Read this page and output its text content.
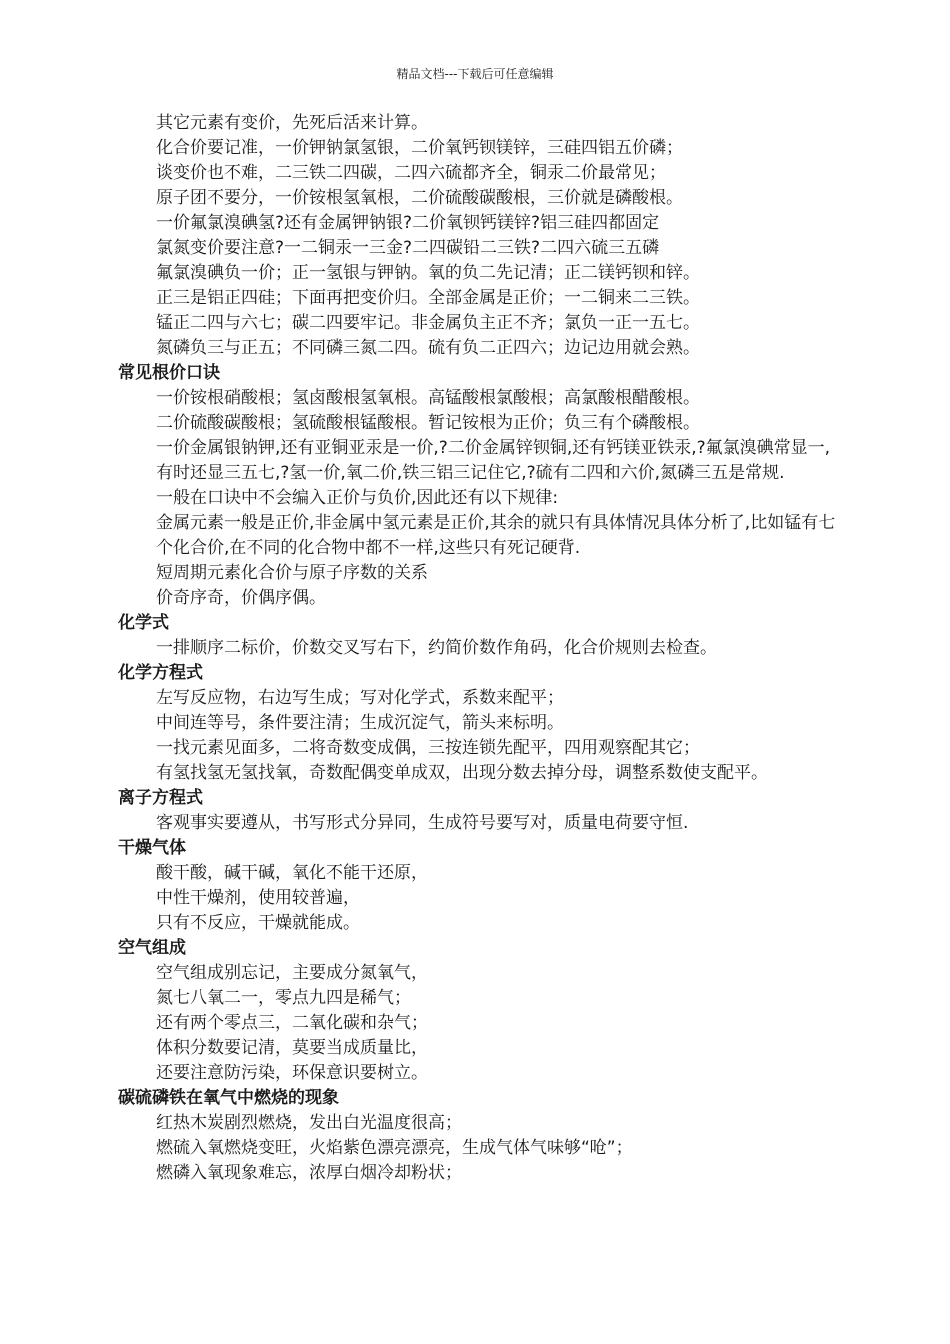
精品文档---下载后可任意编辑
其它元素有变价，先死后活来计算。
化合价要记准，一价钾钠氯氢银，二价氧钙钡镁锌，三硅四铝五价磷；
谈变价也不难，二三铁二四碳，二四六硫都齐全，铜汞二价最常见；
原子团不要分，一价铵根氢氧根，二价硫酸碳酸根，三价就是磷酸根。
一价氟氯溴碘氢?还有金属钾钠银?二价氧钡钙镁锌?铝三硅四都固定
氯氮变价要注意?一二铜汞一三金?二四碳铅二三铁?二四六硫三五磷
氟氯溴碘负一价；正一氢银与钾钠。氧的负二先记清；正二镁钙钡和锌。
正三是铝正四硅；下面再把变价归。全部金属是正价；一二铜来二三铁。
锰正二四与六七；碳二四要牢记。非金属负主正不齐；氯负一正一五七。
氮磷负三与正五；不同磷三氮二四。硫有负二正四六；边记边用就会熟。
常见根价口诀
一价铵根硝酸根；氢卤酸根氢氧根。高锰酸根氯酸根；高氯酸根醋酸根。
二价硫酸碳酸根；氢硫酸根锰酸根。暂记铵根为正价；负三有个磷酸根。
一价金属银钠钾,还有亚铜亚汞是一价,?二价金属锌钡铜,还有钙镁亚铁汞,?氟氯溴碘常显一,
有时还显三五七,?氢一价,氧二价,铁三铝三记住它,?硫有二四和六价,氮磷三五是常规.
一般在口诀中不会编入正价与负价,因此还有以下规律:
金属元素一般是正价,非金属中氢元素是正价,其余的就只有具体情况具体分析了,比如锰有七个化合价,在不同的化合物中都不一样,这些只有死记硬背.
短周期元素化合价与原子序数的关系
价奇序奇，价偶序偶。
化学式
一排顺序二标价，价数交叉写右下，约简价数作角码，化合价规则去检查。
化学方程式
左写反应物，右边写生成；写对化学式，系数来配平；
中间连等号，条件要注清；生成沉淀气，箭头来标明。
一找元素见面多，二将奇数变成偶，三按连锁先配平，四用观察配其它；
有氢找氢无氢找氧，奇数配偶变单成双，出现分数去掉分母，调整系数使支配平。
离子方程式
客观事实要遵从，书写形式分异同，生成符号要写对，质量电荷要守恒.
干燥气体
酸干酸，碱干碱，氧化不能干还原，
中性干燥剂，使用较普遍，
只有不反应，干燥就能成。
空气组成
空气组成别忘记，主要成分氮氧气，
氮七八氧二一，零点九四是稀气；
还有两个零点三，二氧化碳和杂气；
体积分数要记清，莫要当成质量比，
还要注意防污染，环保意识要树立。
碳硫磷铁在氧气中燃烧的现象
红热木炭剧烈燃烧，发出白光温度很高；
燃硫入氧燃烧变旺，火焰紫色漂亮漂亮，生成气体气味够“呛”；
燃磷入氧现象难忘，浓厚白烟冷却粉状；
